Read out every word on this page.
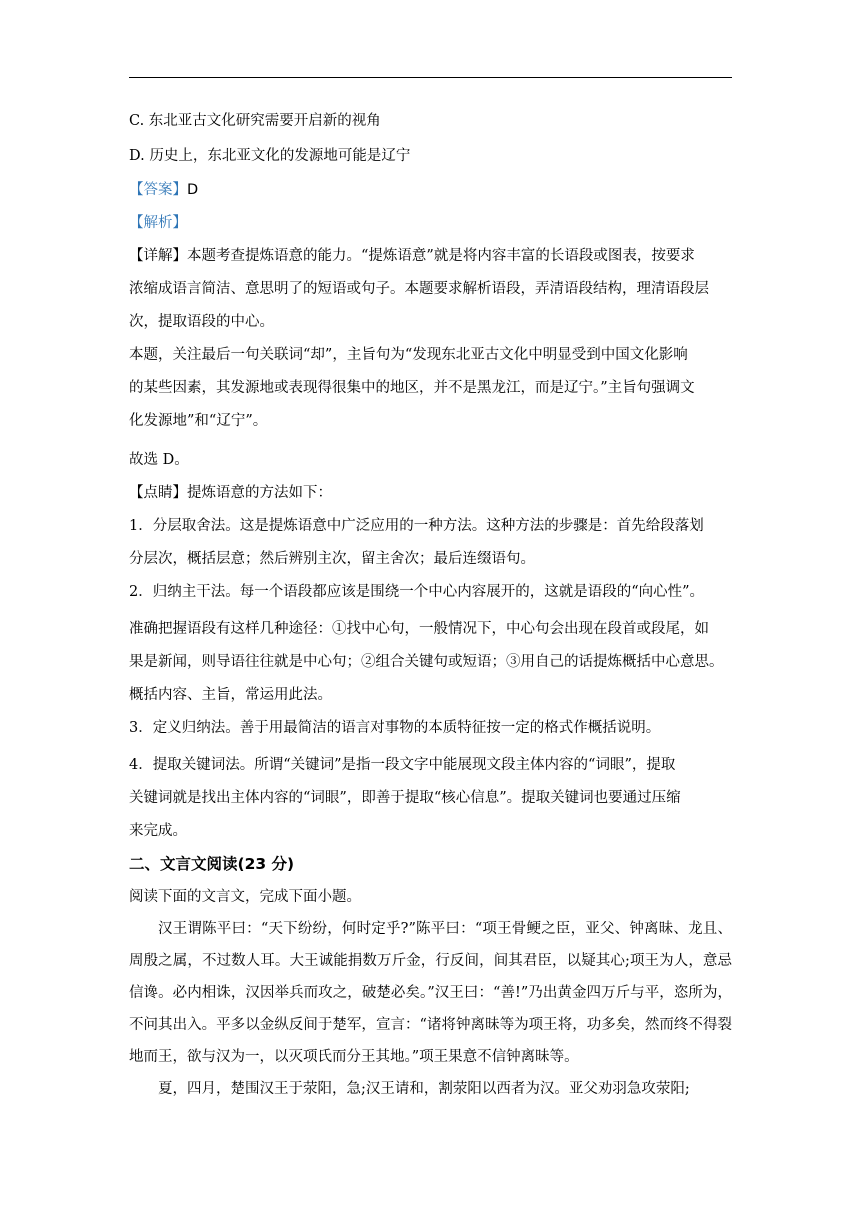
C. 东北亚古文化研究需要开启新的视角
D. 历史上，东北亚文化的发源地可能是辽宁
【答案】D
【解析】
【详解】本题考查提炼语意的能力。“提炼语意”就是将内容丰富的长语段或图表，按要求
浓缩成语言简洁、意思明了的短语或句子。本题要求解析语段，弄清语段结构，理清语段层
次，提取语段的中心。
本题，关注最后一句关联词“却”，主旨句为“发现东北亚古文化中明显受到中国文化影响
的某些因素，其发源地或表现得很集中的地区，并不是黑龙江，而是辽宁。”主旨句强调文
化发源地”和“辽宁”。
故选 D。
【点睛】提炼语意的方法如下：
1．分层取舍法。这是提炼语意中广泛应用的一种方法。这种方法的步骤是：首先给段落划
分层次，概括层意；然后辨别主次，留主舍次；最后连缀语句。
2．归纳主干法。每一个语段都应该是围绕一个中心内容展开的，这就是语段的“向心性”。
准确把握语段有这样几种途径：①找中心句，一般情况下，中心句会出现在段首或段尾，如
果是新闻，则导语往往就是中心句；②组合关键句或短语；③用自己的话提炼概括中心意思。
概括内容、主旨，常运用此法。
3．定义归纳法。善于用最简洁的语言对事物的本质特征按一定的格式作概括说明。
4．提取关键词法。所谓“关键词”是指一段文字中能展现文段主体内容的“词眼”，提取
关键词就是找出主体内容的“词眼”，即善于提取“核心信息”。提取关键词也要通过压缩
来完成。
二、文言文阅读(23 分)
阅读下面的文言文，完成下面小题。

汉王谓陈平曰：“天下纷纷，何时定乎?”陈平曰：“项王骨鲠之臣，亚父、钟离昧、龙且、周殷之属，不过数人耳。大王诚能捐数万斤金，行反间，间其君臣，以疑其心;项王为人，意忌信谗。必内相诛，汉因举兵而攻之，破楚必矣。”汉王曰：“善!”乃出黄金四万斤与平，恣所为，不问其出入。平多以金纵反间于楚军，宣言：“诸将钟离昧等为项王将，功多矣，然而终不得裂地而王，欲与汉为一，以灭项氏而分王其地。”项王果意不信钟离昧等。

夏，四月，楚围汉王于荥阳，急;汉王请和，割荥阳以西者为汉。亚父劝羽急攻荥阳;
